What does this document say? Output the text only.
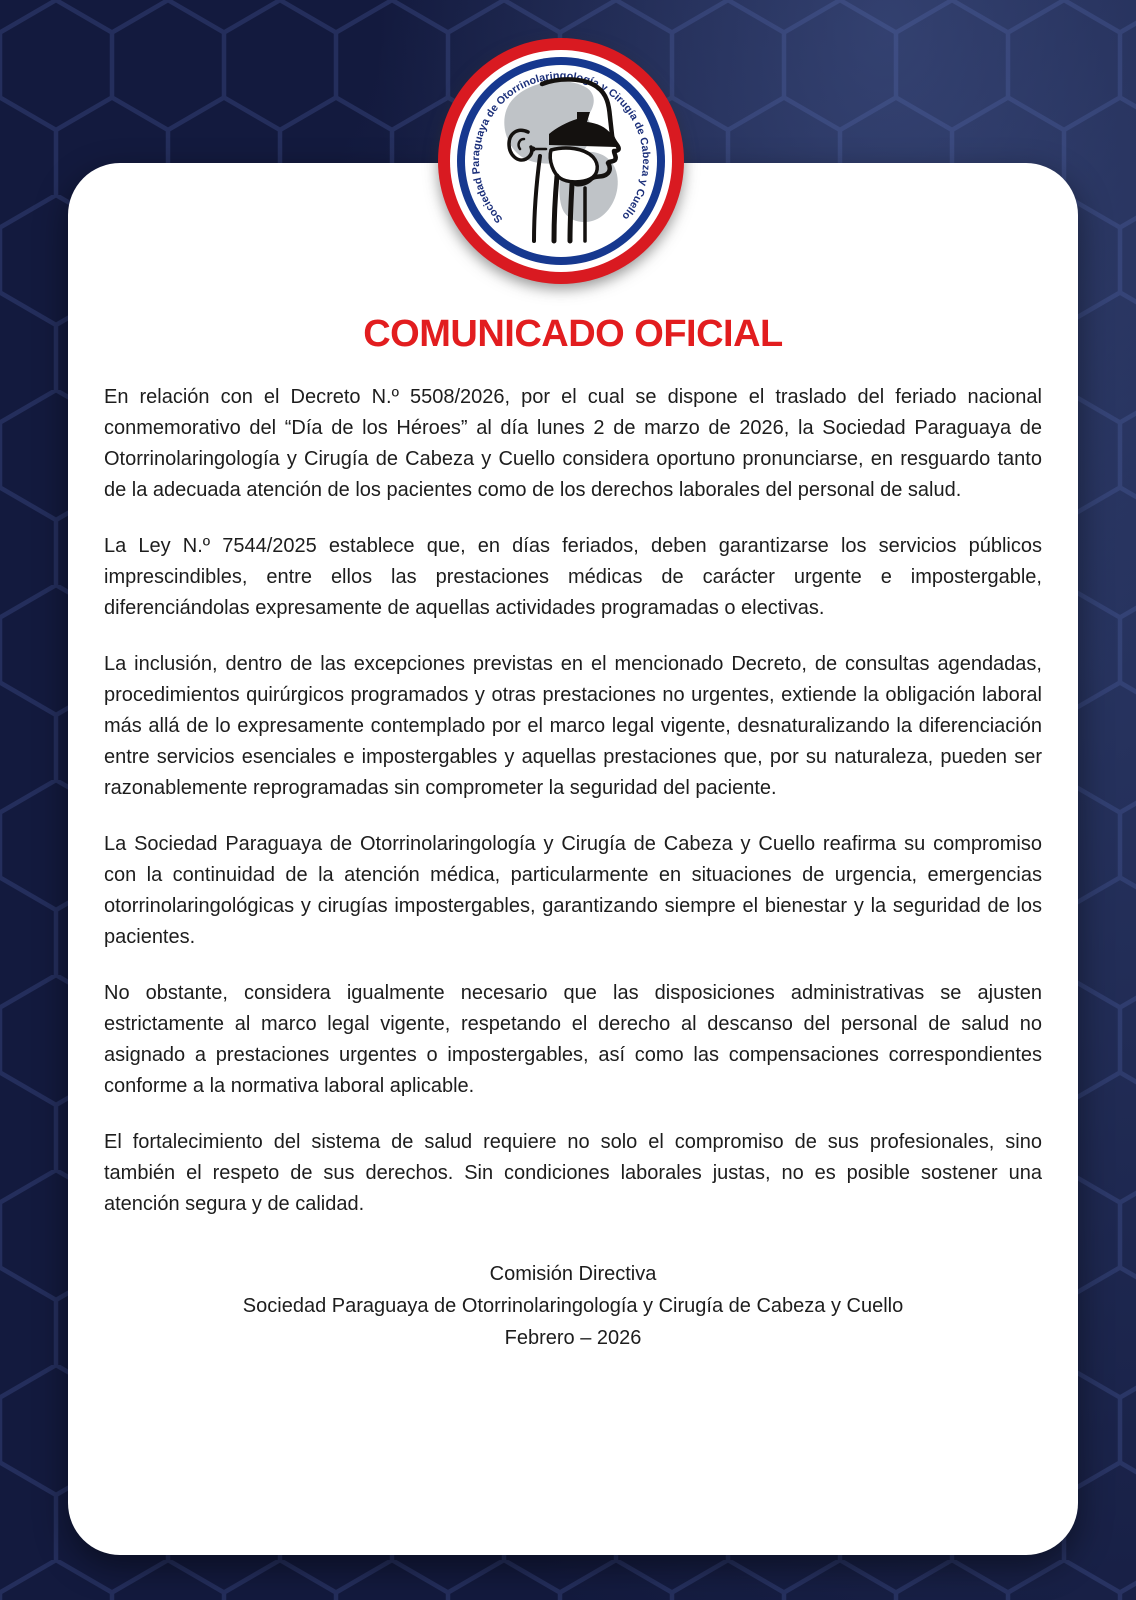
COMUNICADO OFICIAL

En relación con el Decreto N.º 5508/2026, por el cual se dispone el traslado del feriado nacional conmemorativo del “Día de los Héroes” al día lunes 2 de marzo de 2026, la Sociedad Paraguaya de Otorrinolaringología y Cirugía de Cabeza y Cuello considera oportuno pronunciarse, en resguardo tanto de la adecuada atención de los pacientes como de los derechos laborales del personal de salud.

La Ley N.º 7544/2025 establece que, en días feriados, deben garantizarse los servicios públicos imprescindibles, entre ellos las prestaciones médicas de carácter urgente e impostergable, diferenciándolas expresamente de aquellas actividades programadas o electivas.

La inclusión, dentro de las excepciones previstas en el mencionado Decreto, de consultas agendadas, procedimientos quirúrgicos programados y otras prestaciones no urgentes, extiende la obligación laboral más allá de lo expresamente contemplado por el marco legal vigente, desnaturalizando la diferenciación entre servicios esenciales e impostergables y aquellas prestaciones que, por su naturaleza, pueden ser razonablemente reprogramadas sin comprometer la seguridad del paciente.

La Sociedad Paraguaya de Otorrinolaringología y Cirugía de Cabeza y Cuello reafirma su compromiso con la continuidad de la atención médica, particularmente en situaciones de urgencia, emergencias otorrinolaringológicas y cirugías impostergables, garantizando siempre el bienestar y la seguridad de los pacientes.

No obstante, considera igualmente necesario que las disposiciones administrativas se ajusten estrictamente al marco legal vigente, respetando el derecho al descanso del personal de salud no asignado a prestaciones urgentes o impostergables, así como las compensaciones correspondientes conforme a la normativa laboral aplicable.

El fortalecimiento del sistema de salud requiere no solo el compromiso de sus profesionales, sino también el respeto de sus derechos. Sin condiciones laborales justas, no es posible sostener una atención segura y de calidad.

Comisión Directiva

Sociedad Paraguaya de Otorrinolaringología y Cirugía de Cabeza y Cuello

Febrero – 2026

Sociedad Paraguaya de Otorrinolaringología y Cirugía de Cabeza y Cuello
